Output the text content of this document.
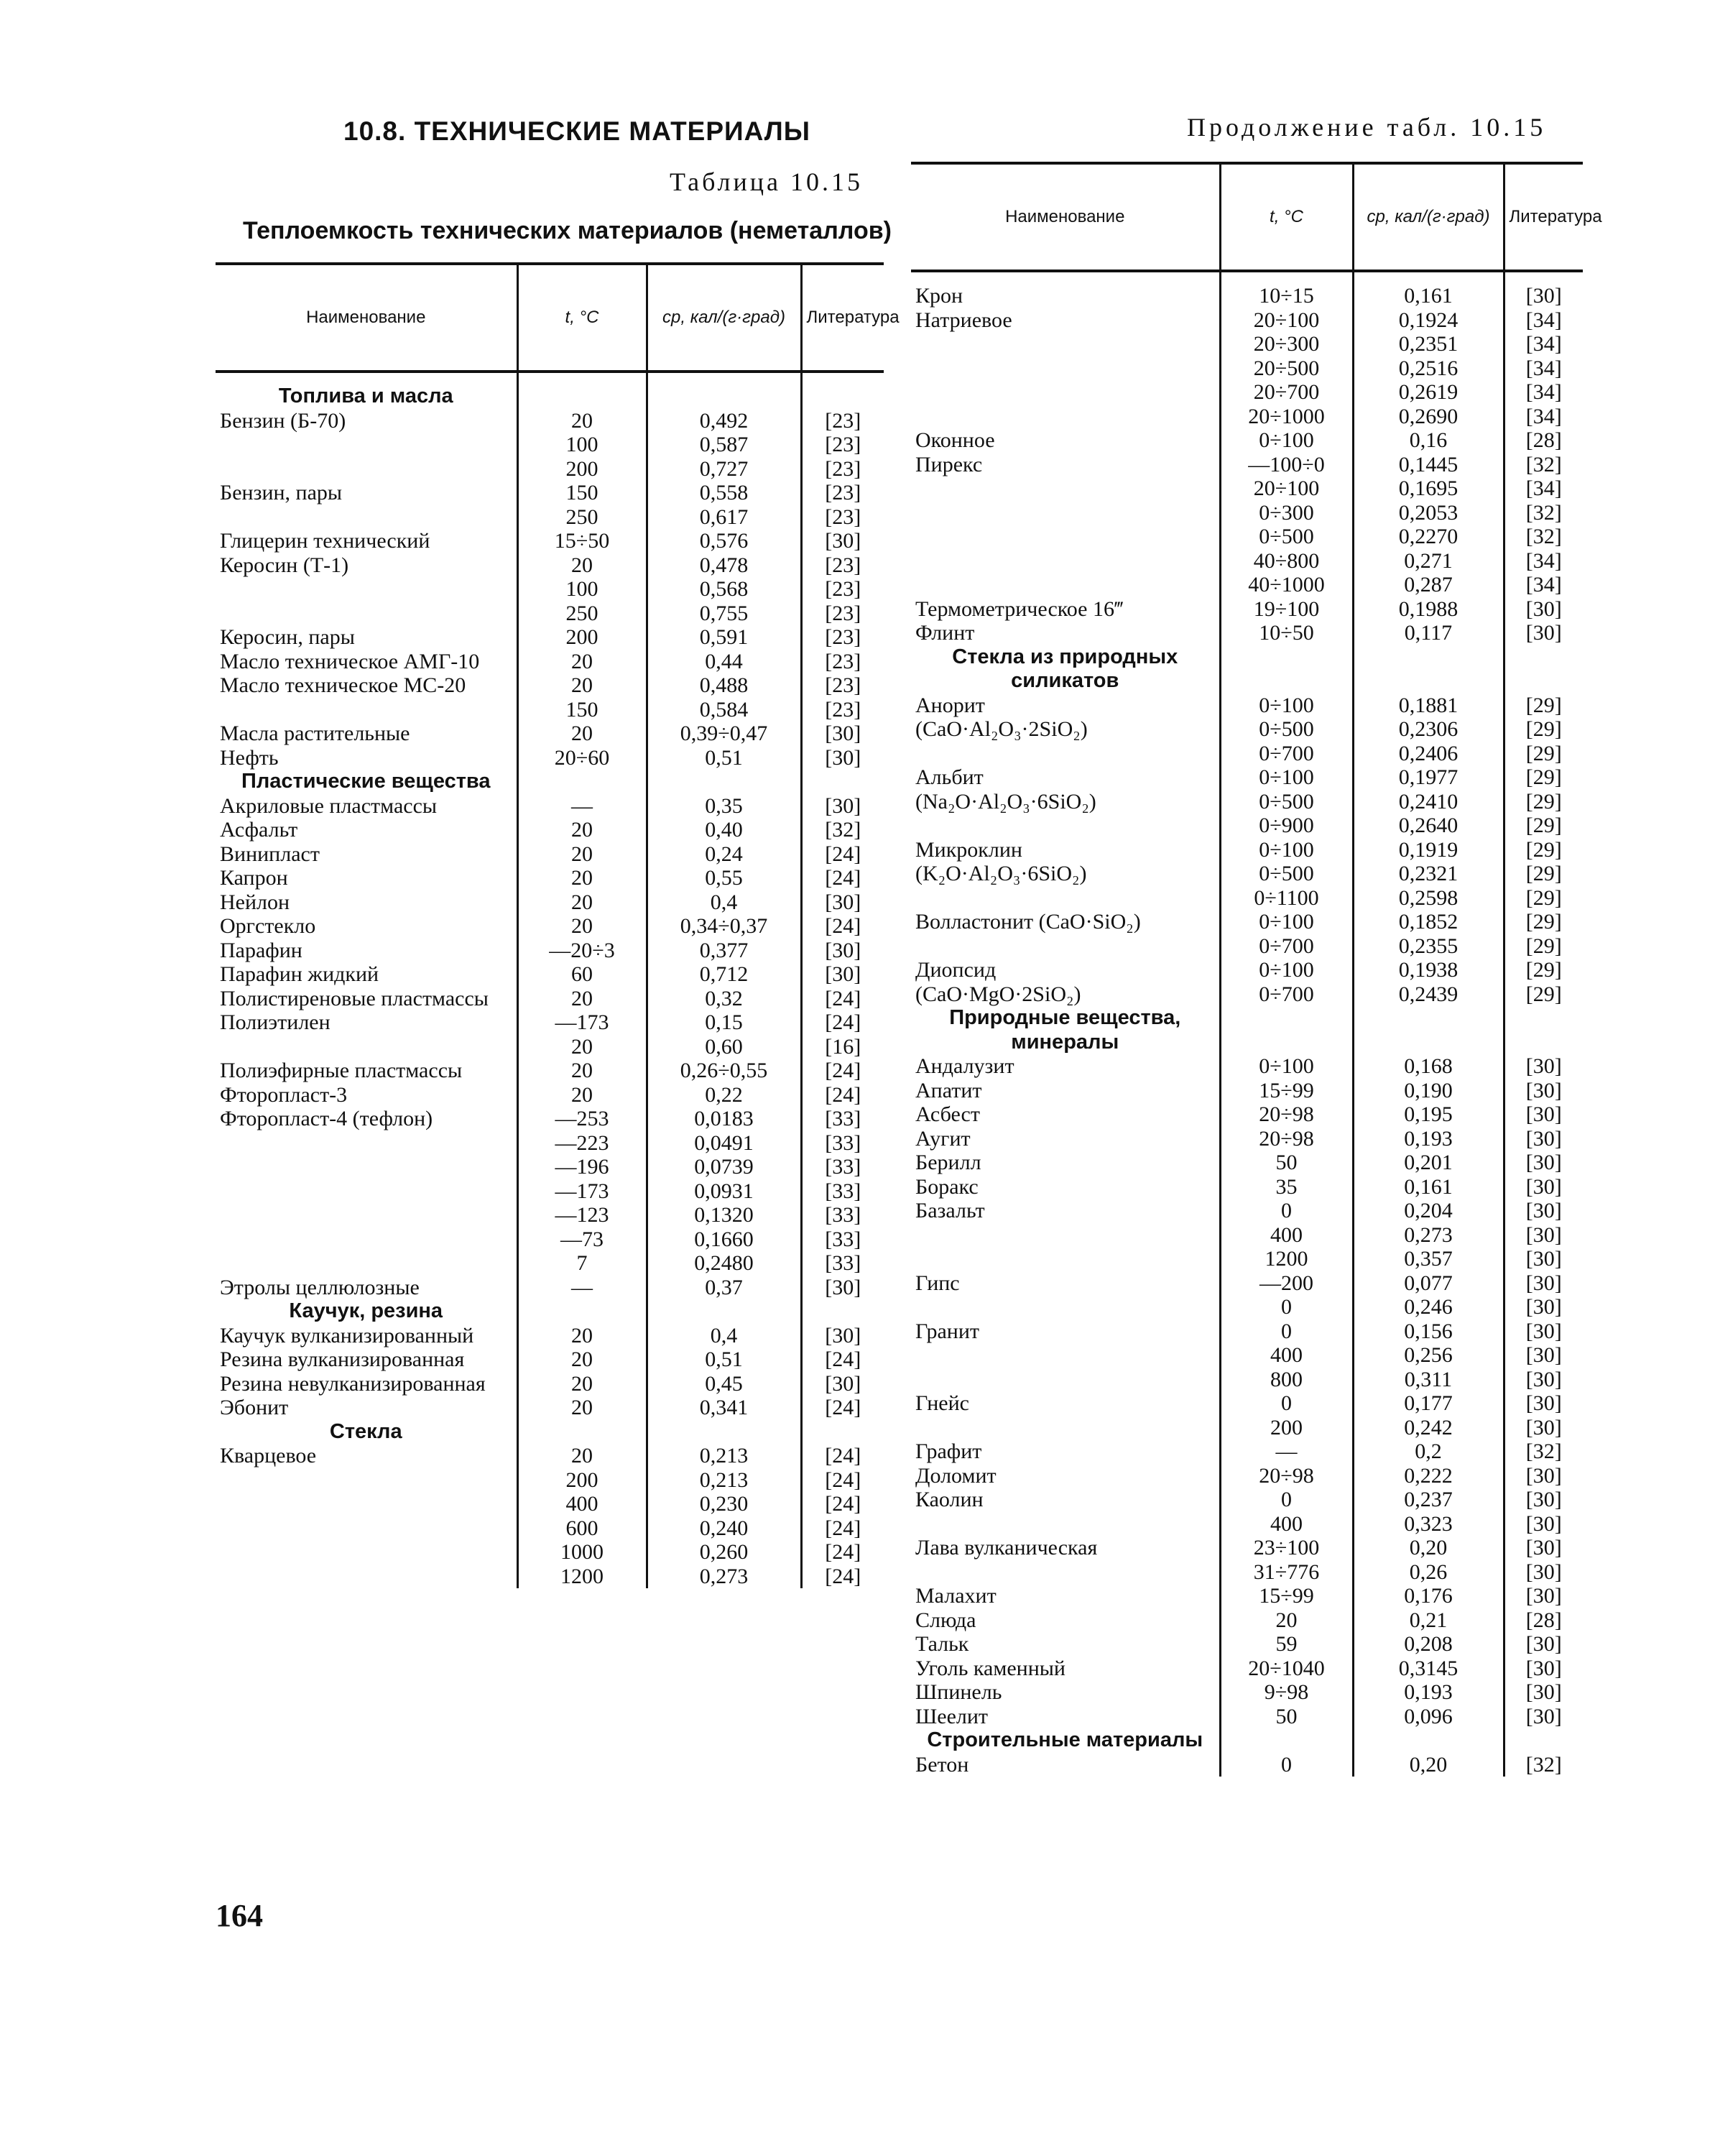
10.8. ТЕХНИЧЕСКИЕ МАТЕРИАЛЫ	Продолжение табл. 10.15
Таблица 10.15
Теплоемкость технических материалов (неметаллов)
Наименование	t, °C	cp, кал/(г·град)	Литература

Топлива и масла			
Бензин (Б-70)	20	0,492	[23]
	100	0,587	[23]
	200	0,727	[23]
Бензин, пары	150	0,558	[23]
	250	0,617	[23]
Глицерин технический	15÷50	0,576	[30]
Керосин (Т-1)	20	0,478	[23]
	100	0,568	[23]
	250	0,755	[23]
Керосин, пары	200	0,591	[23]
Масло техническое АМГ-10	20	0,44	[23]
Масло техническое МС-20	20	0,488	[23]
	150	0,584	[23]
Масла растительные	20	0,39÷0,47	[30]
Нефть	20÷60	0,51	[30]
Пластические вещества			
Акриловые пластмассы	—	0,35	[30]
Асфальт	20	0,40	[32]
Винипласт	20	0,24	[24]
Капрон	20	0,55	[24]
Нейлон	20	0,4	[30]
Оргстекло	20	0,34÷0,37	[24]
Парафин	—20÷3	0,377	[30]
Парафин жидкий	60	0,712	[30]
Полистиреновые пластмассы	20	0,32	[24]
Полиэтилен	—173	0,15	[24]
	20	0,60	[16]
Полиэфирные пластмассы	20	0,26÷0,55	[24]
Фторопласт-3	20	0,22	[24]
Фторопласт-4 (тефлон)	—253	0,0183	[33]
	—223	0,0491	[33]
	—196	0,0739	[33]
	—173	0,0931	[33]
	—123	0,1320	[33]
	—73	0,1660	[33]
	7	0,2480	[33]
Этролы целлюлозные	—	0,37	[30]
Каучук, резина			
Каучук вулканизированный	20	0,4	[30]
Резина вулканизированная	20	0,51	[24]
Резина невулканизированная	20	0,45	[30]
Эбонит	20	0,341	[24]
Стекла			
Кварцевое	20	0,213	[24]
	200	0,213	[24]
	400	0,230	[24]
	600	0,240	[24]
	1000	0,260	[24]
	1200	0,273	[24]
Наименование	t, °C	cp, кал/(г·град)	Литература

Крон	10÷15	0,161	[30]
Натриевое	20÷100	0,1924	[34]
	20÷300	0,2351	[34]
	20÷500	0,2516	[34]
	20÷700	0,2619	[34]
	20÷1000	0,2690	[34]
Оконное	0÷100	0,16	[28]
Пирекс	—100÷0	0,1445	[32]
	20÷100	0,1695	[34]
	0÷300	0,2053	[32]
	0÷500	0,2270	[32]
	40÷800	0,271	[34]
	40÷1000	0,287	[34]
Термометрическое 16‴	19÷100	0,1988	[30]
Флинт	10÷50	0,117	[30]
Стекла из природных силикатов			
Анорит	0÷100	0,1881	[29]
(CaO·Al₂O₃·2SiO₂)	0÷500	0,2306	[29]
	0÷700	0,2406	[29]
Альбит	0÷100	0,1977	[29]
(Na₂O·Al₂O₃·6SiO₂)	0÷500	0,2410	[29]
	0÷900	0,2640	[29]
Микроклин	0÷100	0,1919	[29]
(K₂O·Al₂O₃·6SiO₂)	0÷500	0,2321	[29]
	0÷1100	0,2598	[29]
Волластонит (CaO·SiO₂)	0÷100	0,1852	[29]
	0÷700	0,2355	[29]
Диопсид	0÷100	0,1938	[29]
(CaO·MgO·2SiO₂)	0÷700	0,2439	[29]
Природные вещества, минералы			
Андалузит	0÷100	0,168	[30]
Апатит	15÷99	0,190	[30]
Асбест	20÷98	0,195	[30]
Аугит	20÷98	0,193	[30]
Берилл	50	0,201	[30]
Боракс	35	0,161	[30]
Базальт	0	0,204	[30]
	400	0,273	[30]
	1200	0,357	[30]
Гипс	—200	0,077	[30]
	0	0,246	[30]
Гранит	0	0,156	[30]
	400	0,256	[30]
	800	0,311	[30]
Гнейс	0	0,177	[30]
	200	0,242	[30]
Графит	—	0,2	[32]
Доломит	20÷98	0,222	[30]
Каолин	0	0,237	[30]
	400	0,323	[30]
Лава вулканическая	23÷100	0,20	[30]
	31÷776	0,26	[30]
Малахит	15÷99	0,176	[30]
Слюда	20	0,21	[28]
Тальк	59	0,208	[30]
Уголь каменный	20÷1040	0,3145	[30]
Шпинель	9÷98	0,193	[30]
Шеелит	50	0,096	[30]
Строительные материалы			
Бетон	0	0,20	[32]
164
